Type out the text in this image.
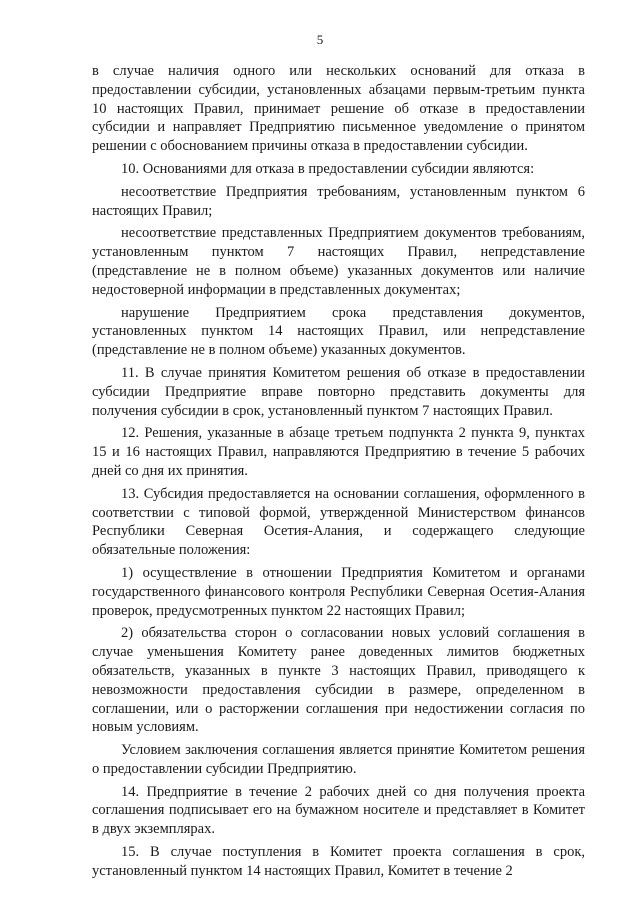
5

в случае наличия одного или нескольких оснований для отказа в предоставлении субсидии, установленных абзацами первым-третьим пункта 10 настоящих Правил, принимает решение об отказе в предоставлении субсидии и направляет Предприятию письменное уведомление о принятом решении с обоснованием причины отказа в предоставлении субсидии.

10. Основаниями для отказа в предоставлении субсидии являются:

несоответствие Предприятия требованиям, установленным пунктом 6 настоящих Правил;

несоответствие представленных Предприятием документов требованиям, установленным пунктом 7 настоящих Правил, непредставление (представление не в полном объеме) указанных документов или наличие недостоверной информации в представленных документах;

нарушение Предприятием срока представления документов, установленных пунктом 14 настоящих Правил, или непредставление (представление не в полном объеме) указанных документов.

11. В случае принятия Комитетом решения об отказе в предоставлении субсидии Предприятие вправе повторно представить документы для получения субсидии в срок, установленный пунктом 7 настоящих Правил.

12. Решения, указанные в абзаце третьем подпункта 2 пункта 9, пунктах 15 и 16 настоящих Правил, направляются Предприятию в течение 5 рабочих дней со дня их принятия.

13. Субсидия предоставляется на основании соглашения, оформленного в соответствии с типовой формой, утвержденной Министерством финансов Республики Северная Осетия-Алания, и содержащего следующие обязательные положения:

1) осуществление в отношении Предприятия Комитетом и органами государственного финансового контроля Республики Северная Осетия-Алания проверок, предусмотренных пунктом 22 настоящих Правил;

2) обязательства сторон о согласовании новых условий соглашения в случае уменьшения Комитету ранее доведенных лимитов бюджетных обязательств, указанных в пункте 3 настоящих Правил, приводящего к невозможности предоставления субсидии в размере, определенном в соглашении, или о расторжении соглашения при недостижении согласия по новым условиям.

Условием заключения соглашения является принятие Комитетом решения о предоставлении субсидии Предприятию.

14. Предприятие в течение 2 рабочих дней со дня получения проекта соглашения подписывает его на бумажном носителе и представляет в Комитет в двух экземплярах.

15. В случае поступления в Комитет проекта соглашения в срок, установленный пунктом 14 настоящих Правил, Комитет в течение 2
